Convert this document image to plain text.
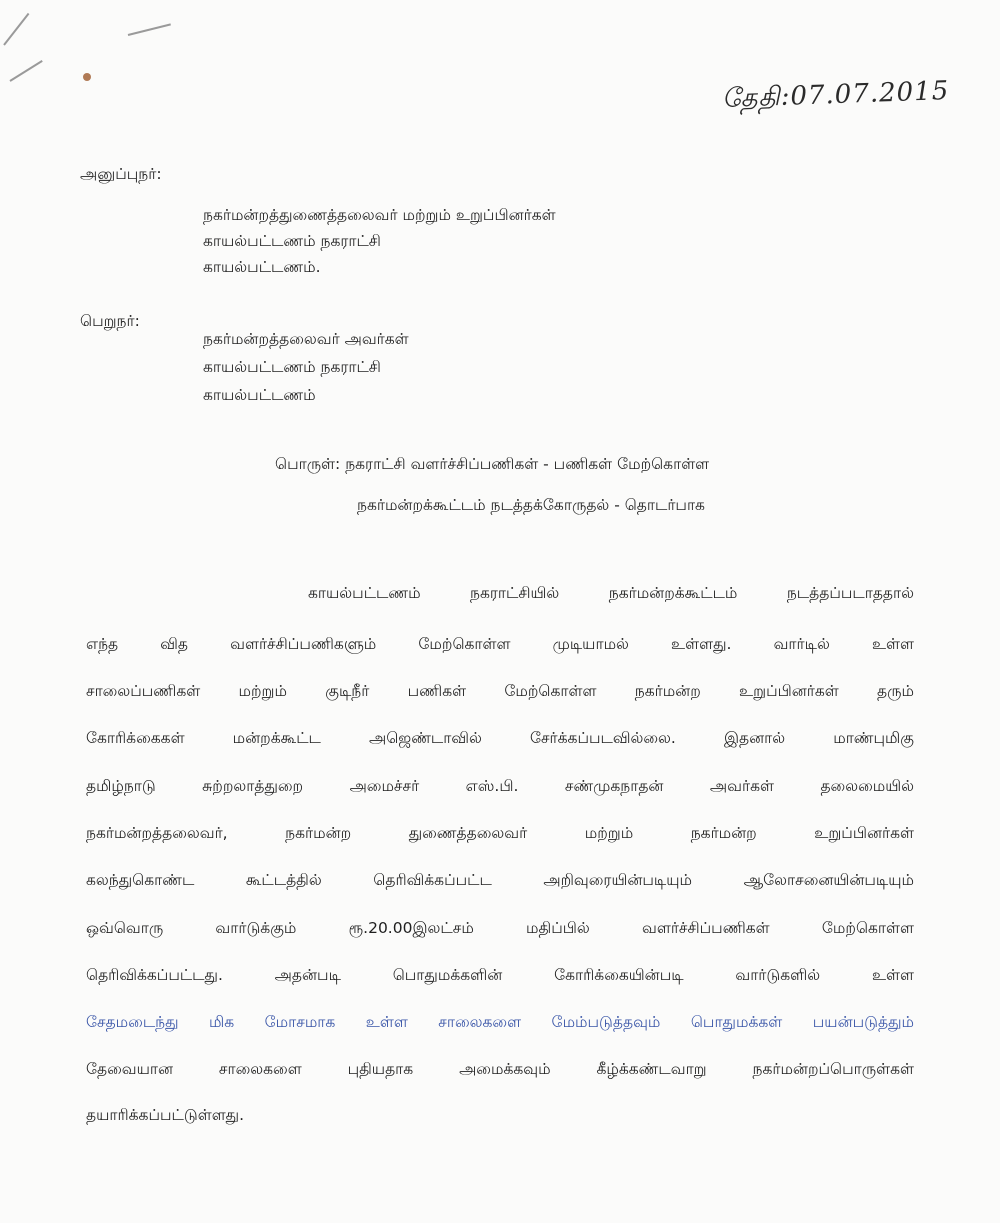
தேதி:07.07.2015
அனுப்புநர்:
நகர்மன்றத்துணைத்தலைவர் மற்றும் உறுப்பினர்கள்
காயல்பட்டணம் நகராட்சி
காயல்பட்டணம்.
பெறுநர்:
நகர்மன்றத்தலைவர் அவர்கள்
காயல்பட்டணம் நகராட்சி
காயல்பட்டணம்
பொருள்: நகராட்சி வளர்ச்சிப்பணிகள் - பணிகள் மேற்கொள்ள
நகர்மன்றக்கூட்டம் நடத்தக்கோருதல் - தொடர்பாக
காயல்பட்டணம் நகராட்சியில் நகர்மன்றக்கூட்டம் நடத்தப்படாததால்
எந்த வித வளர்ச்சிப்பணிகளும் மேற்கொள்ள முடியாமல் உள்ளது. வார்டில் உள்ள
சாலைப்பணிகள் மற்றும் குடிநீர் பணிகள் மேற்கொள்ள நகர்மன்ற உறுப்பினர்கள் தரும்
கோரிக்கைகள் மன்றக்கூட்ட அஜெண்டாவில் சேர்க்கப்படவில்லை. இதனால் மாண்புமிகு
தமிழ்நாடு சுற்றலாத்துறை அமைச்சர் எஸ்.பி. சண்முகநாதன் அவர்கள் தலைமையில்
நகர்மன்றத்தலைவர், நகர்மன்ற துணைத்தலைவர் மற்றும் நகர்மன்ற உறுப்பினர்கள்
கலந்துகொண்ட கூட்டத்தில் தெரிவிக்கப்பட்ட அறிவுரையின்படியும் ஆலோசனையின்படியும்
ஒவ்வொரு வார்டுக்கும் ரூ.20.00இலட்சம் மதிப்பில் வளர்ச்சிப்பணிகள் மேற்கொள்ள
தெரிவிக்கப்பட்டது. அதன்படி பொதுமக்களின் கோரிக்கையின்படி வார்டுகளில் உள்ள
சேதமடைந்து மிக மோசமாக உள்ள சாலைகளை மேம்படுத்தவும் பொதுமக்கள் பயன்படுத்தும்
தேவையான சாலைகளை புதியதாக அமைக்கவும் கீழ்க்கண்டவாறு நகர்மன்றப்பொருள்கள்
தயாரிக்கப்பட்டுள்ளது.
